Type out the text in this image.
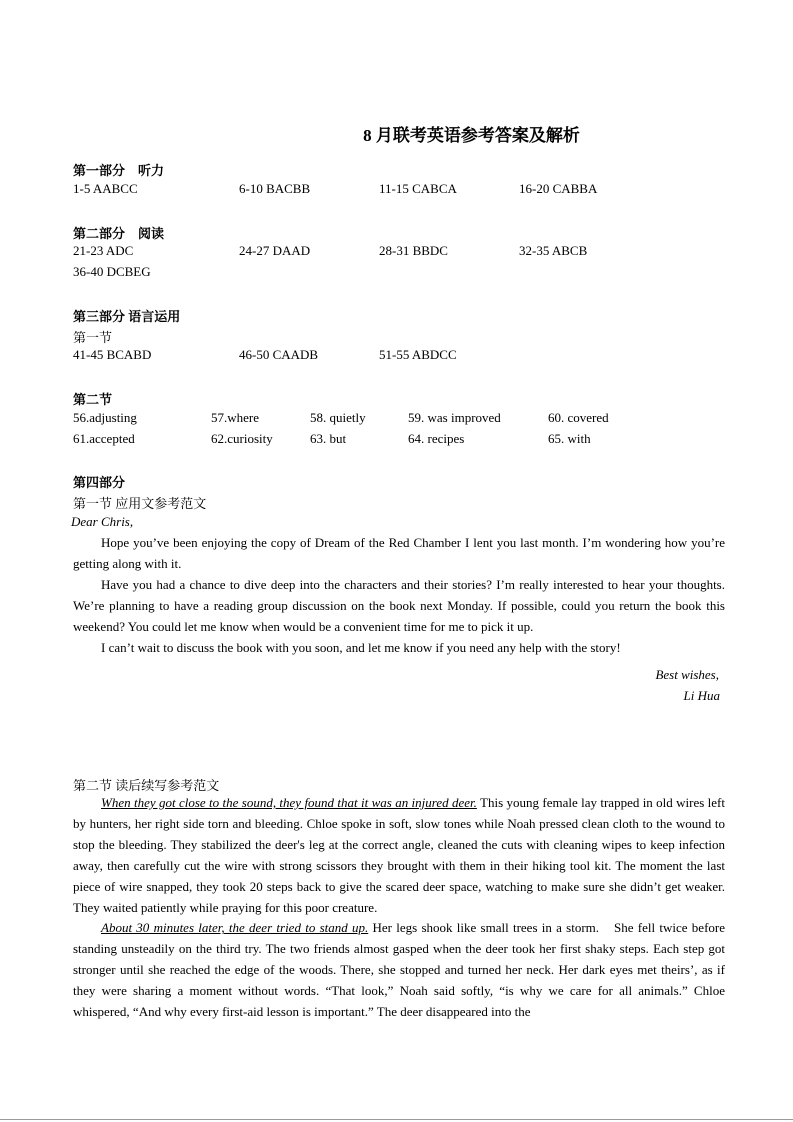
8 月联考英语参考答案及解析
第一部分　听力
1-5 AABCC	6-10 BACBB	11-15 CABCA	16-20 CABBA
第二部分　阅读
21-23 ADC	24-27 DAAD	28-31 BBDC	32-35 ABCB
36-40 DCBEG
第三部分 语言运用
第一节
41-45 BCABD	46-50 CAADB	51-55 ABDCC
第二节
56.adjusting	57.where	58. quietly	59. was improved	60. covered
61.accepted	62.curiosity	63. but	64. recipes	65. with
第四部分
第一节 应用文参考范文
Dear Chris,

Hope you’ve been enjoying the copy of Dream of the Red Chamber I lent you last month. I’m wondering how you’re getting along with it.

Have you had a chance to dive deep into the characters and their stories? I’m really interested to hear your thoughts. We’re planning to have a reading group discussion on the book next Monday. If possible, could you return the book this weekend? You could let me know when would be a convenient time for me to pick it up.

I can’t wait to discuss the book with you soon, and let me know if you need any help with the story!

Best wishes,
Li Hua
第二节 读后续写参考范文

When they got close to the sound, they found that it was an injured deer. This young female lay trapped in old wires left by hunters, her right side torn and bleeding. Chloe spoke in soft, slow tones while Noah pressed clean cloth to the wound to stop the bleeding. They stabilized the deer's leg at the correct angle, cleaned the cuts with cleaning wipes to keep infection away, then carefully cut the wire with strong scissors they brought with them in their hiking tool kit. The moment the last piece of wire snapped, they took 20 steps back to give the scared deer space, watching to make sure she didn’t get weaker. They waited patiently while praying for this poor creature.

About 30 minutes later, the deer tried to stand up. Her legs shook like small trees in a storm.　She fell twice before standing unsteadily on the third try. The two friends almost gasped when the deer took her first shaky steps. Each step got stronger until she reached the edge of the woods. There, she stopped and turned her neck. Her dark eyes met theirs’, as if they were sharing a moment without words. “That look,” Noah said softly, “is why we care for all animals.” Chloe whispered, “And why every first-aid lesson is important.” The deer disappeared into the
